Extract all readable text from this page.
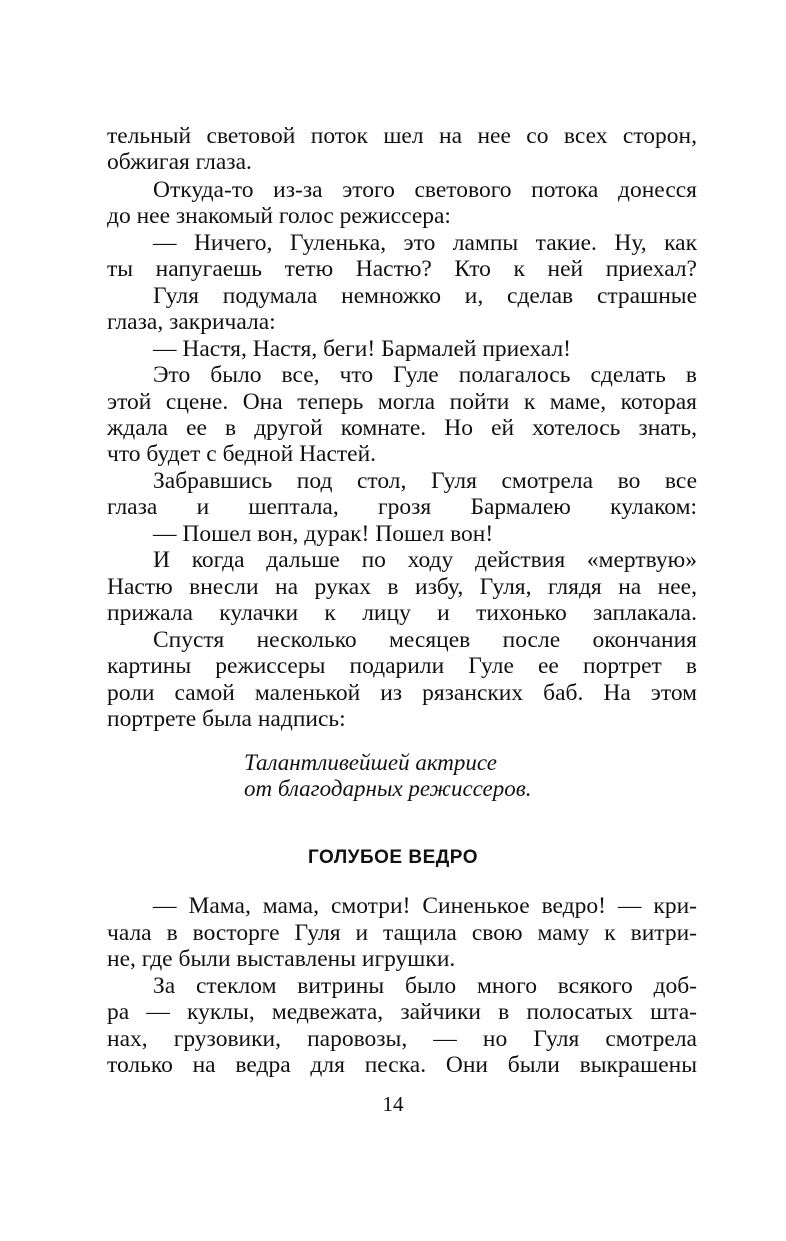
тельный световой поток шел на нее со всех сторон,
обжигая глаза.
Откуда-то из-за этого светового потока донесся
до нее знакомый голос режиссера:
— Ничего, Гуленька, это лампы такие. Ну, как
ты напугаешь тетю Настю? Кто к ней приехал?
Гуля подумала немножко и, сделав страшные
глаза, закричала:
— Настя, Настя, беги! Бармалей приехал!
Это было все, что Гуле полагалось сделать в
этой сцене. Она теперь могла пойти к маме, которая
ждала ее в другой комнате. Но ей хотелось знать,
что будет с бедной Настей.
Забравшись под стол, Гуля смотрела во все
глаза и шептала, грозя Бармалею кулаком:
— Пошел вон, дурак! Пошел вон!
И когда дальше по ходу действия «мертвую»
Настю внесли на руках в избу, Гуля, глядя на нее,
прижала кулачки к лицу и тихонько заплакала.
Спустя несколько месяцев после окончания
картины режиссеры подарили Гуле ее портрет в
роли самой маленькой из рязанских баб. На этом
портрете была надпись:
Талантливейшей актрисе
от благодарных режиссеров.
ГОЛУБОЕ ВЕДРО
— Мама, мама, смотри! Синенькое ведро! — кри-
чала в восторге Гуля и тащила свою маму к витри-
не, где были выставлены игрушки.
За стеклом витрины было много всякого доб-
ра — куклы, медвежата, зайчики в полосатых шта-
нах, грузовики, паровозы, — но Гуля смотрела
только на ведра для песка. Они были выкрашены
14
